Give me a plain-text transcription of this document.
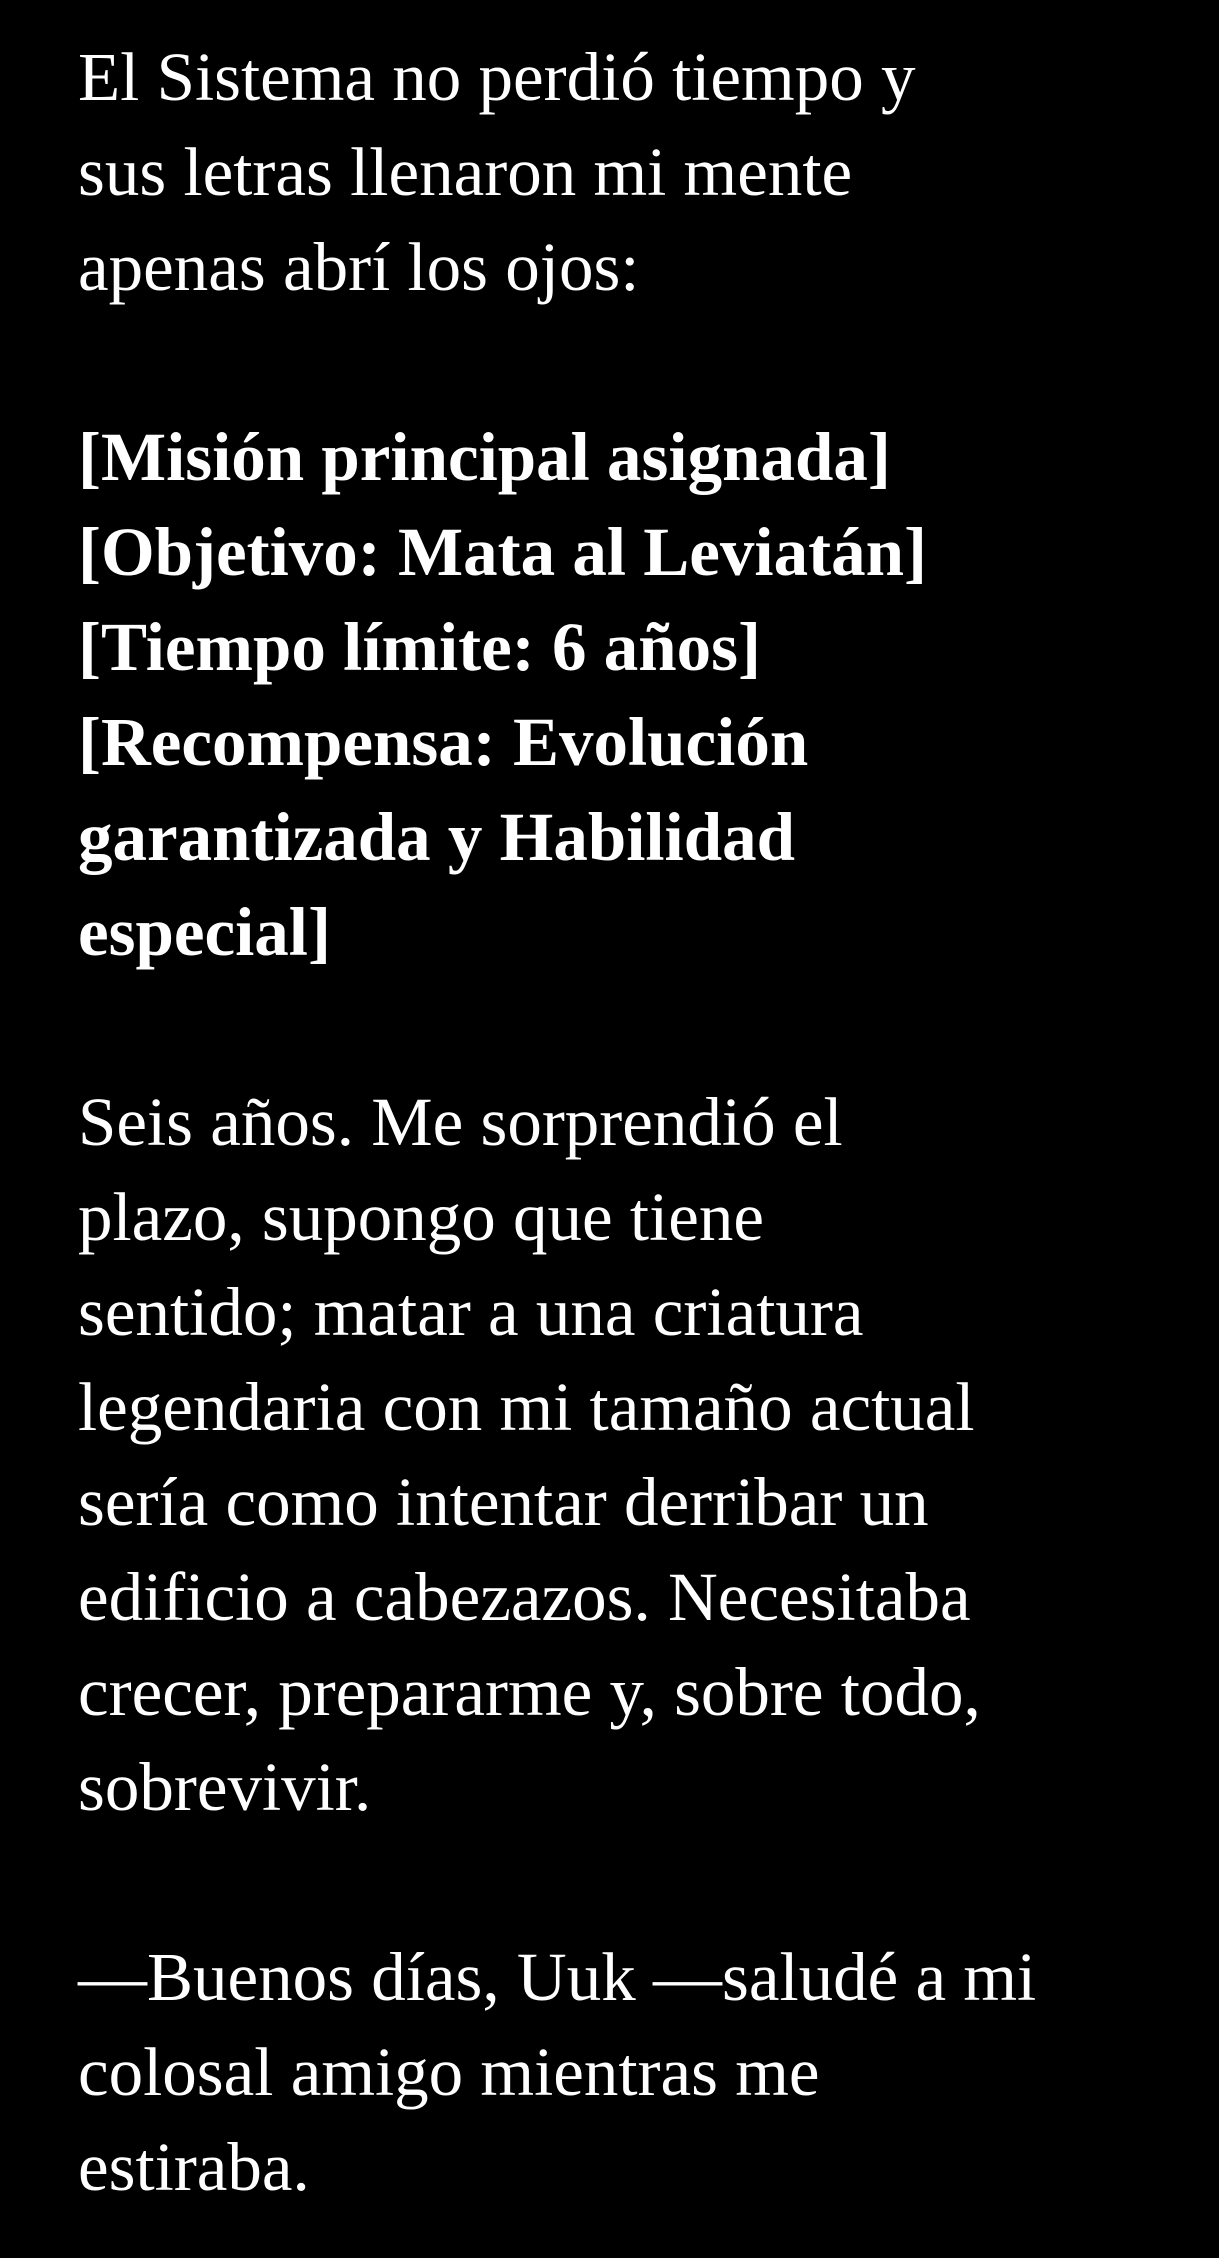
El Sistema no perdió tiempo y
sus letras llenaron mi mente
apenas abrí los ojos:

[Misión principal asignada]
[Objetivo: Mata al Leviatán]
[Tiempo límite: 6 años]
[Recompensa: Evolución
garantizada y Habilidad
especial]

Seis años. Me sorprendió el
plazo, supongo que tiene
sentido; matar a una criatura
legendaria con mi tamaño actual
sería como intentar derribar un
edificio a cabezazos. Necesitaba
crecer, prepararme y, sobre todo,
sobrevivir.

—Buenos días, Uuk —saludé a mi
colosal amigo mientras me
estiraba.
